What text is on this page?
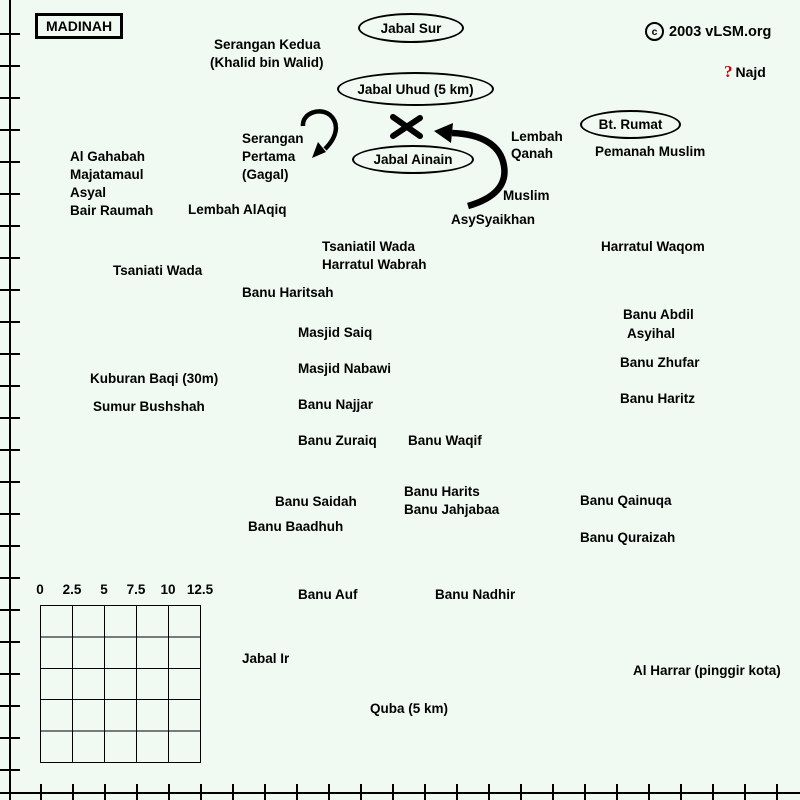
MADINAH	c 2003 vLSM.org
? Najd
Jabal Sur
Jabal Uhud (5 km)
Jabal Ainain
Bt. Rumat
Serangan Kedua
(Khalid bin Walid)
Al Gahabah
Majatamaul
Asyal
Bair Raumah
Serangan
Pertama
(Gagal)
Lembah AlAqiq
Lembah
Qanah
Muslim
AsySyaikhan
Pemanah Muslim
Harratul Waqom
Tsaniatil Wada
Harratul Wabrah
Tsaniati Wada
Banu Haritsah
Banu Abdil
Masjid Saiq	Asyihal
Banu Zhufar
Masjid Nabawi
Kuburan Baqi (30m)
Banu Haritz
Banu Najjar
Sumur Bushshah
Banu Zuraiq Banu Waqif
Banu Harits
Banu Saidah
Banu Jahjabaa
Banu Baadhuh
Banu Qainuqa
Banu Quraizah
Banu Auf	Banu Nadhir
Jabal Ir
Al Harrar (pinggir kota)
Quba (5 km)
0 2.5 5 7.5 10 12.5
